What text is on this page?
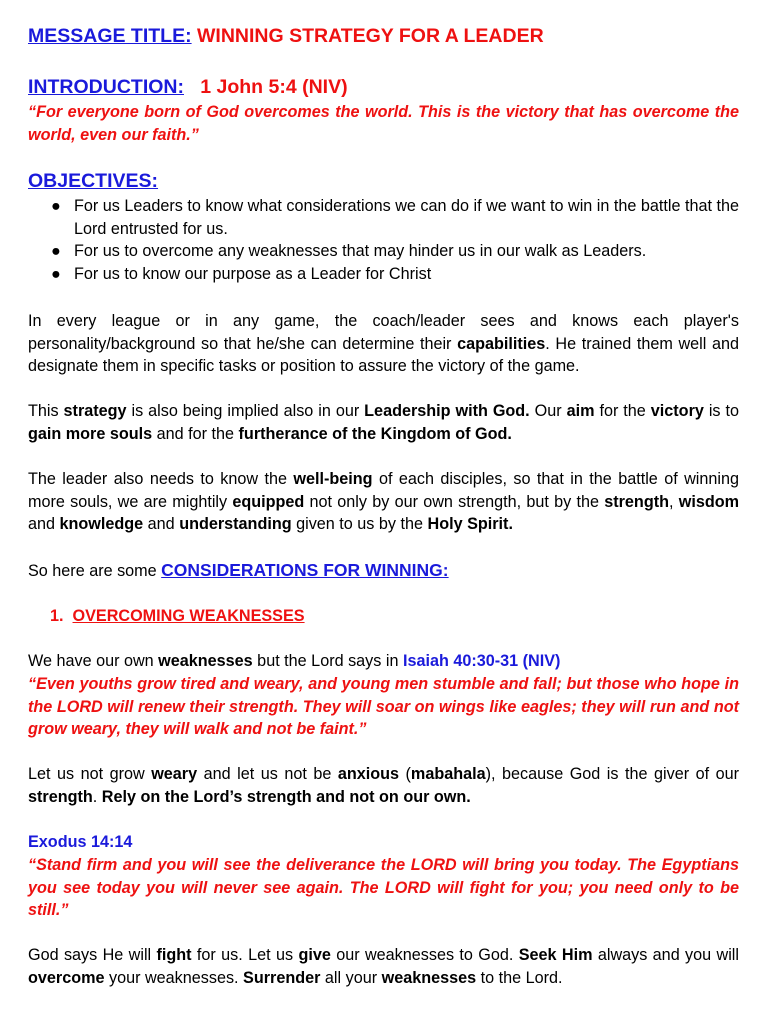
MESSAGE TITLE: WINNING STRATEGY FOR A LEADER

INTRODUCTION: 1 John 5:4 (NIV)

“For everyone born of God overcomes the world. This is the victory that has overcome the world, even our faith.”

OBJECTIVES:

● For us Leaders to know what considerations we can do if we want to win in the battle that the Lord entrusted for us.
● For us to overcome any weaknesses that may hinder us in our walk as Leaders.
● For us to know our purpose as a Leader for Christ

In every league or in any game, the coach/leader sees and knows each player's personality/background so that he/she can determine their capabilities. He trained them well and designate them in specific tasks or position to assure the victory of the game.

This strategy is also being implied also in our Leadership with God. Our aim for the victory is to gain more souls and for the furtherance of the Kingdom of God.

The leader also needs to know the well-being of each disciples, so that in the battle of winning more souls, we are mightily equipped not only by our own strength, but by the strength, wisdom and knowledge and understanding given to us by the Holy Spirit.

So here are some CONSIDERATIONS FOR WINNING:

1. OVERCOMING WEAKNESSES

We have our own weaknesses but the Lord says in Isaiah 40:30-31 (NIV)

“Even youths grow tired and weary, and young men stumble and fall; but those who hope in the LORD will renew their strength. They will soar on wings like eagles; they will run and not grow weary, they will walk and not be faint.”

Let us not grow weary and let us not be anxious (mabahala), because God is the giver of our strength. Rely on the Lord’s strength and not on our own.

Exodus 14:14

“Stand firm and you will see the deliverance the LORD will bring you today. The Egyptians you see today you will never see again. The LORD will fight for you; you need only to be still.”

God says He will fight for us. Let us give our weaknesses to God. Seek Him always and you will overcome your weaknesses. Surrender all your weaknesses to the Lord.
